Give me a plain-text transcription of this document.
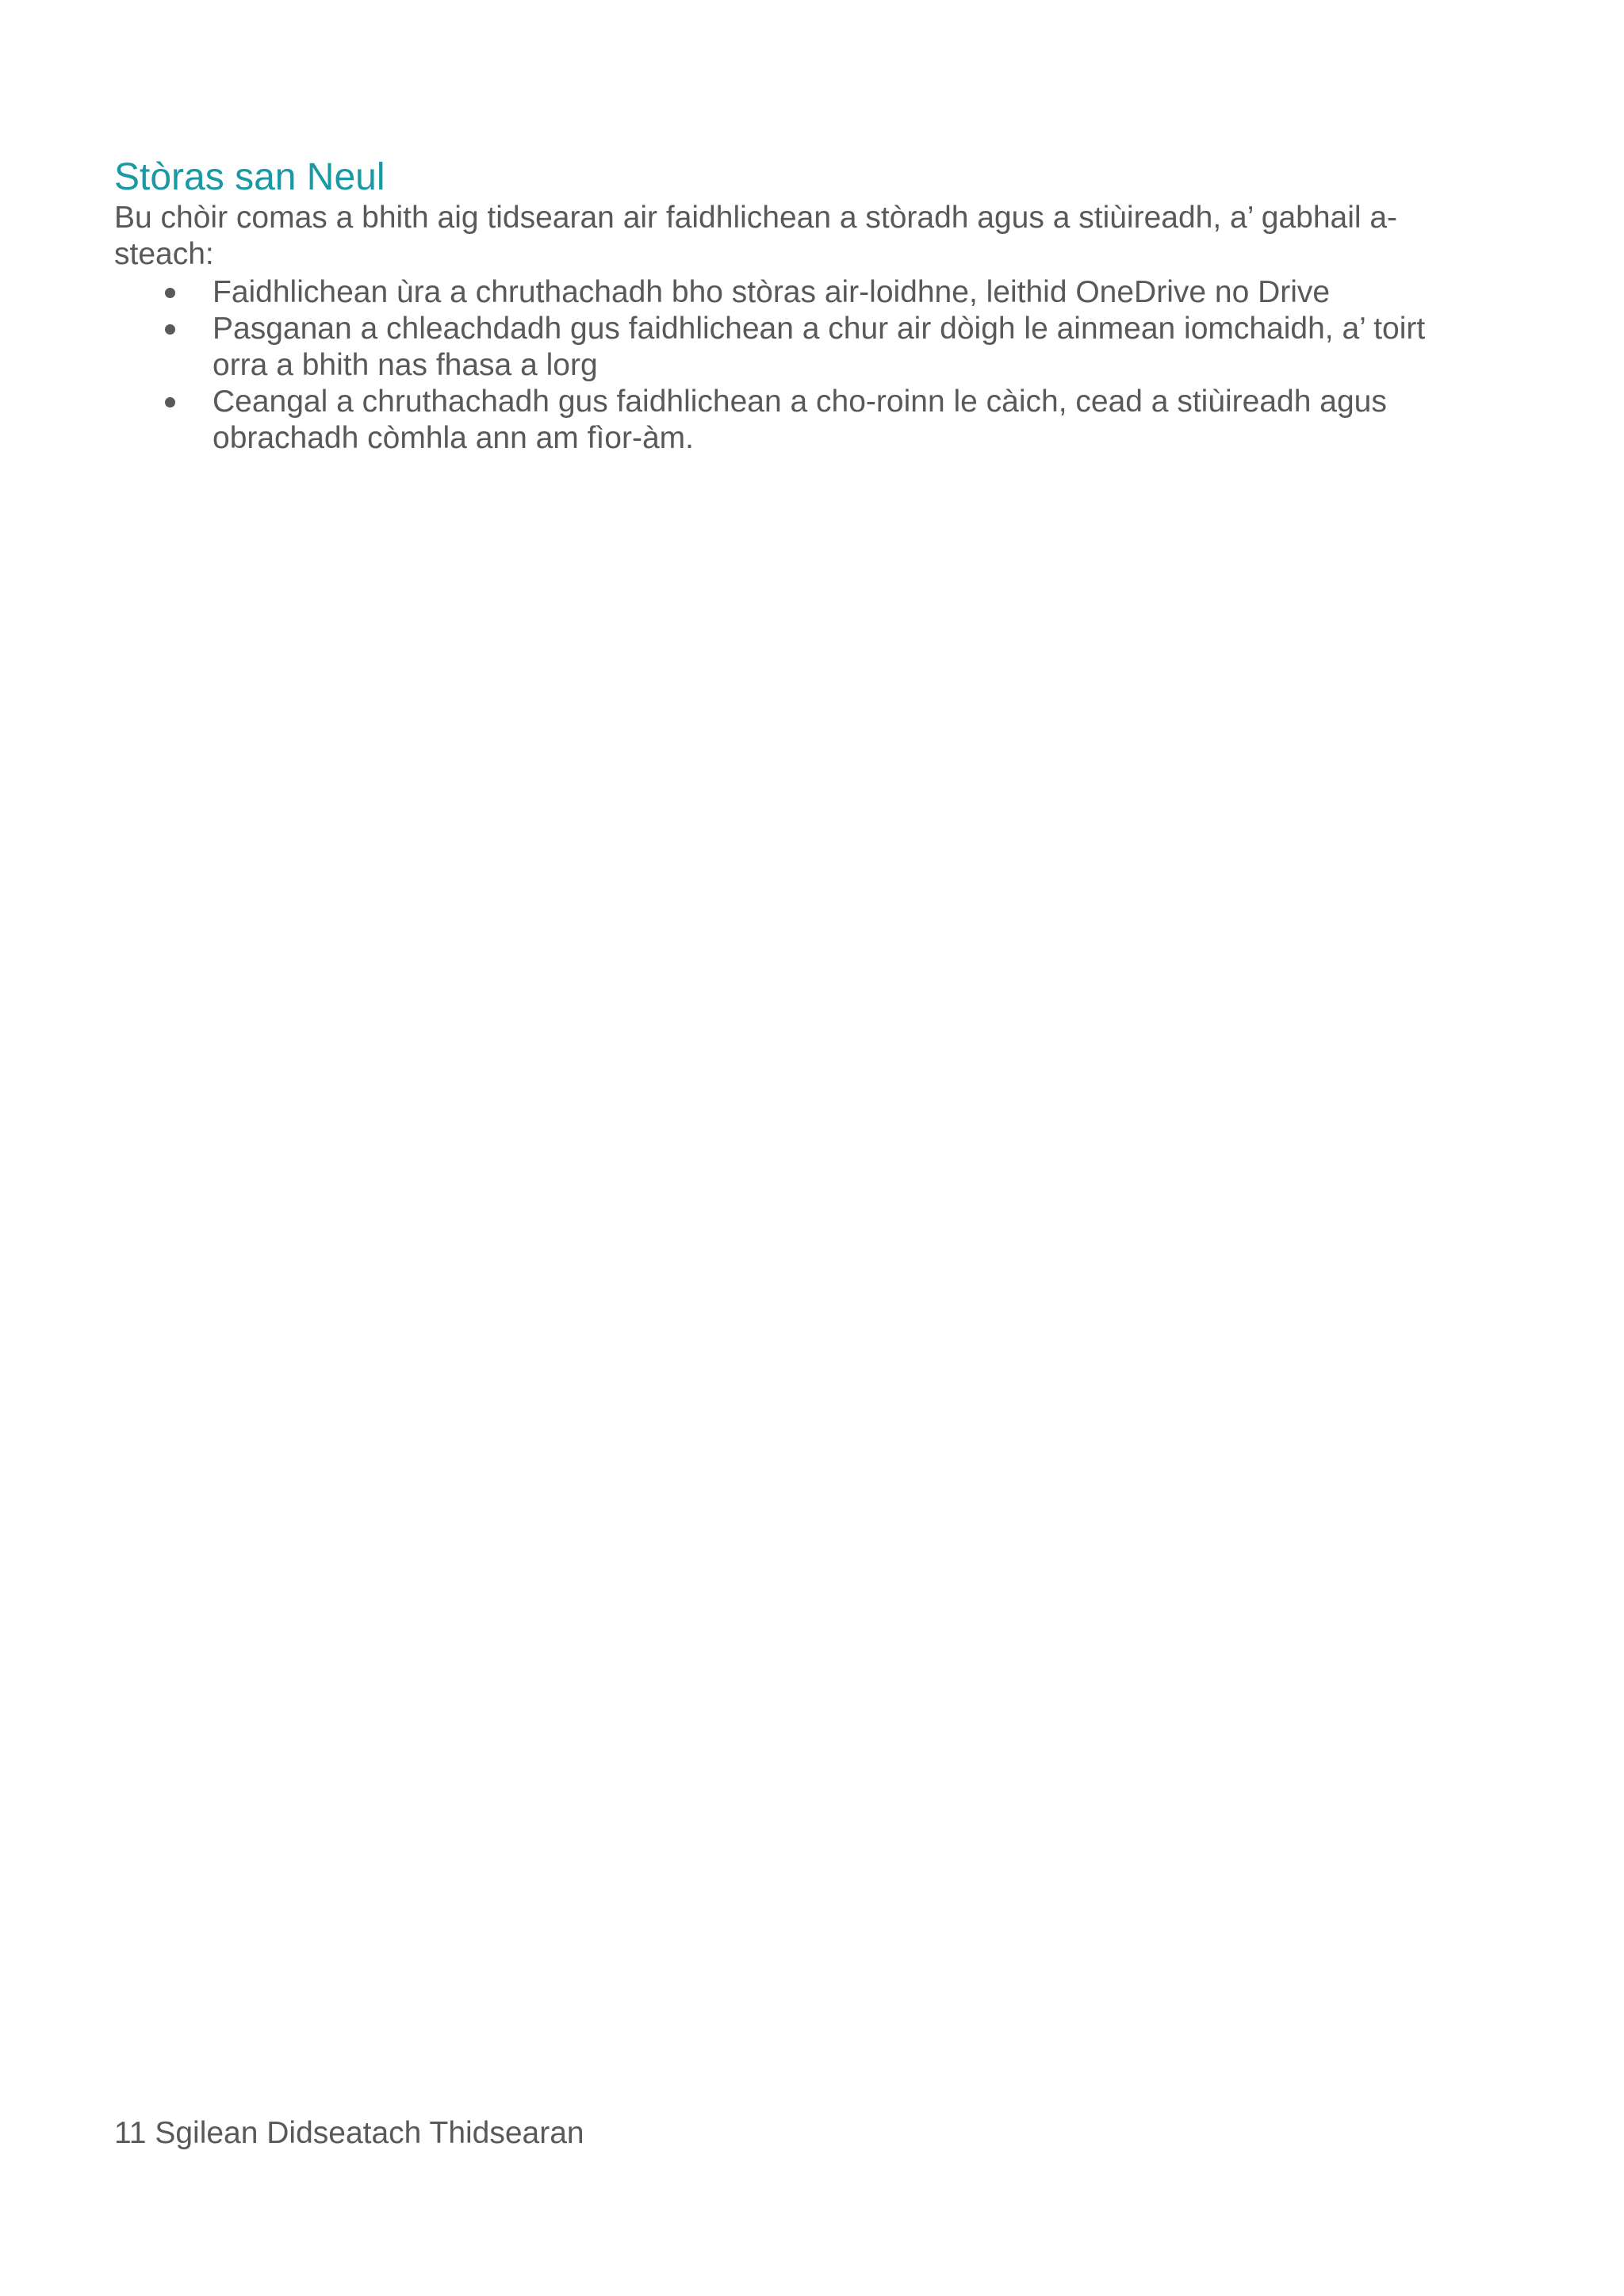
Stòras san Neul

Bu chòir comas a bhith aig tidsearan air faidhlichean a stòradh agus a stiùireadh, a’ gabhail a-
steach:

Faidhlichean ùra a chruthachadh bho stòras air-loidhne, leithid OneDrive no Drive
Pasganan a chleachdadh gus faidhlichean a chur air dòigh le ainmean iomchaidh, a’ toirt
orra a bhith nas fhasa a lorg
Ceangal a chruthachadh gus faidhlichean a cho-roinn le càich, cead a stiùireadh agus
obrachadh còmhla ann am fìor-àm.

11 Sgilean Didseatach Thidsearan
